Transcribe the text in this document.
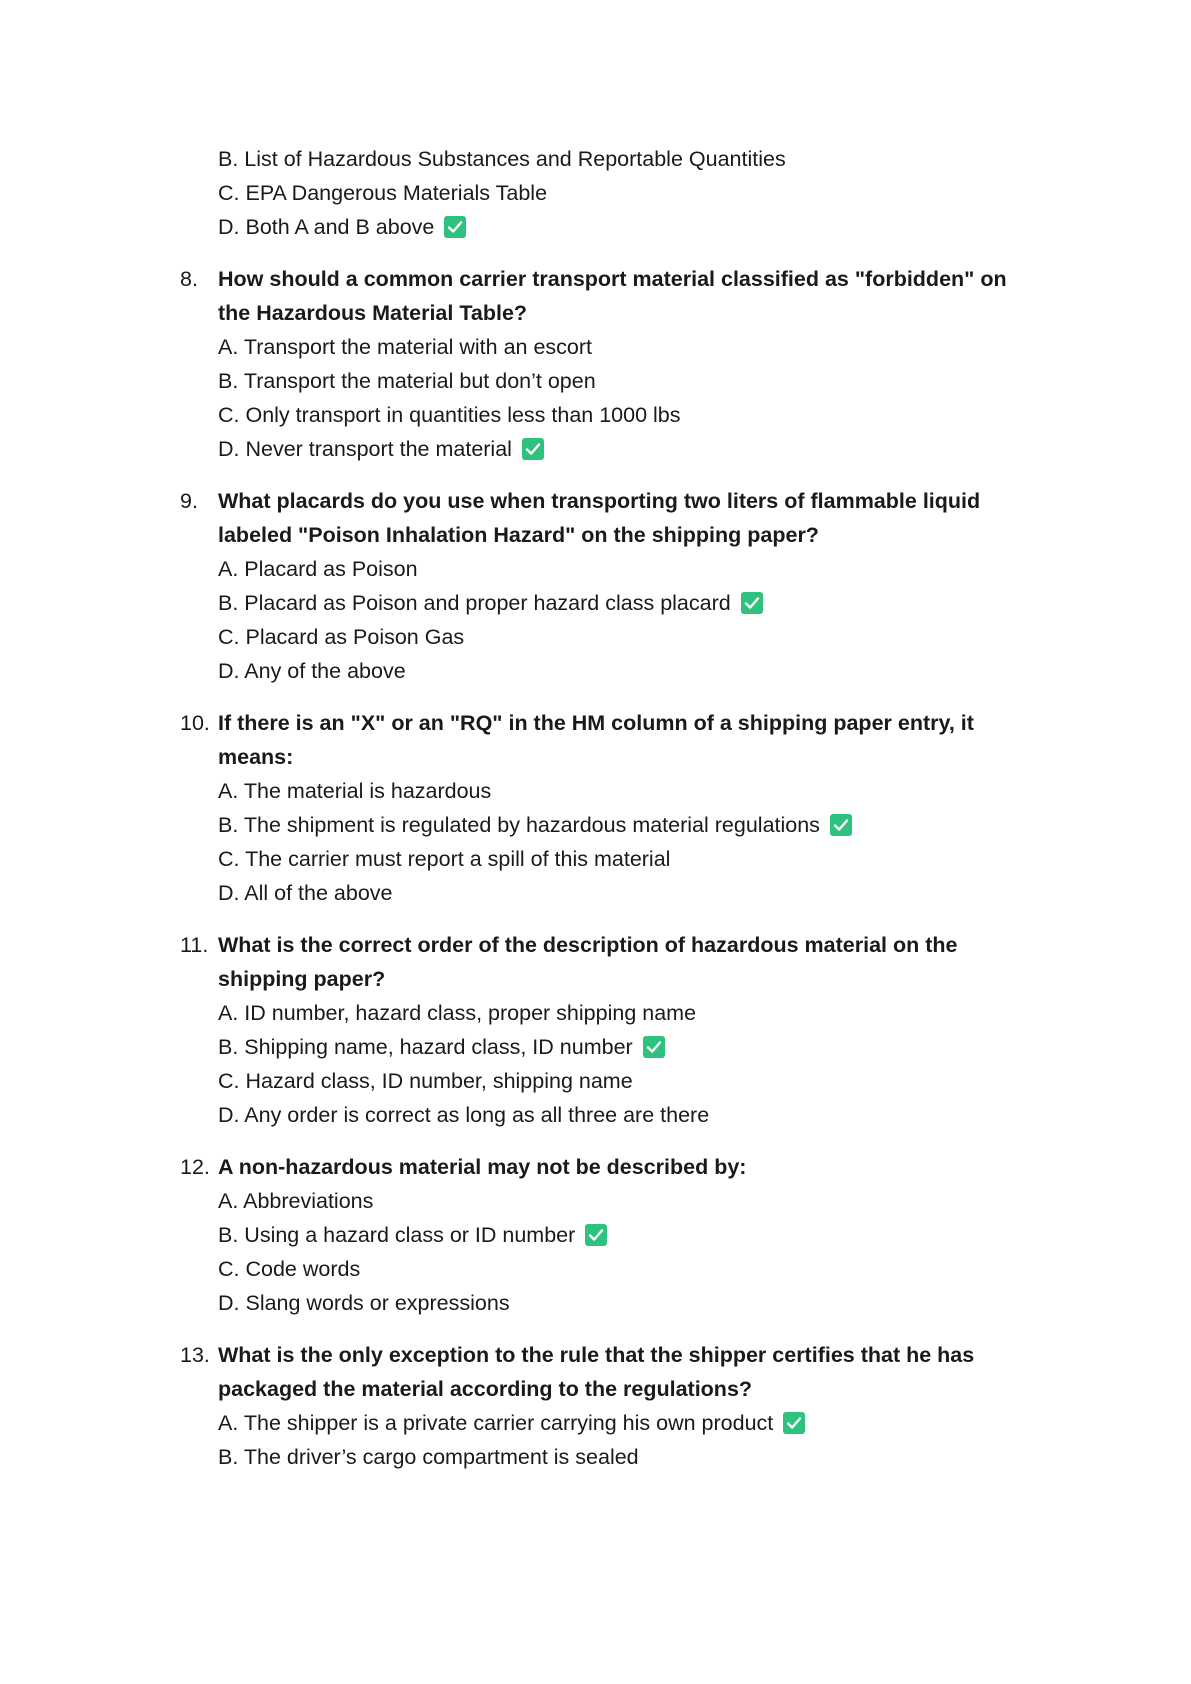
B. List of Hazardous Substances and Reportable Quantities
C. EPA Dangerous Materials Table
D. Both A and B above
8. How should a common carrier transport material classified as "forbidden" on the Hazardous Material Table?
A. Transport the material with an escort
B. Transport the material but don’t open
C. Only transport in quantities less than 1000 lbs
D. Never transport the material
9. What placards do you use when transporting two liters of flammable liquid labeled "Poison Inhalation Hazard" on the shipping paper?
A. Placard as Poison
B. Placard as Poison and proper hazard class placard
C. Placard as Poison Gas
D. Any of the above
10. If there is an "X" or an "RQ" in the HM column of a shipping paper entry, it means:
A. The material is hazardous
B. The shipment is regulated by hazardous material regulations
C. The carrier must report a spill of this material
D. All of the above
11. What is the correct order of the description of hazardous material on the shipping paper?
A. ID number, hazard class, proper shipping name
B. Shipping name, hazard class, ID number
C. Hazard class, ID number, shipping name
D. Any order is correct as long as all three are there
12. A non-hazardous material may not be described by:
A. Abbreviations
B. Using a hazard class or ID number
C. Code words
D. Slang words or expressions
13. What is the only exception to the rule that the shipper certifies that he has packaged the material according to the regulations?
A. The shipper is a private carrier carrying his own product
B. The driver’s cargo compartment is sealed
